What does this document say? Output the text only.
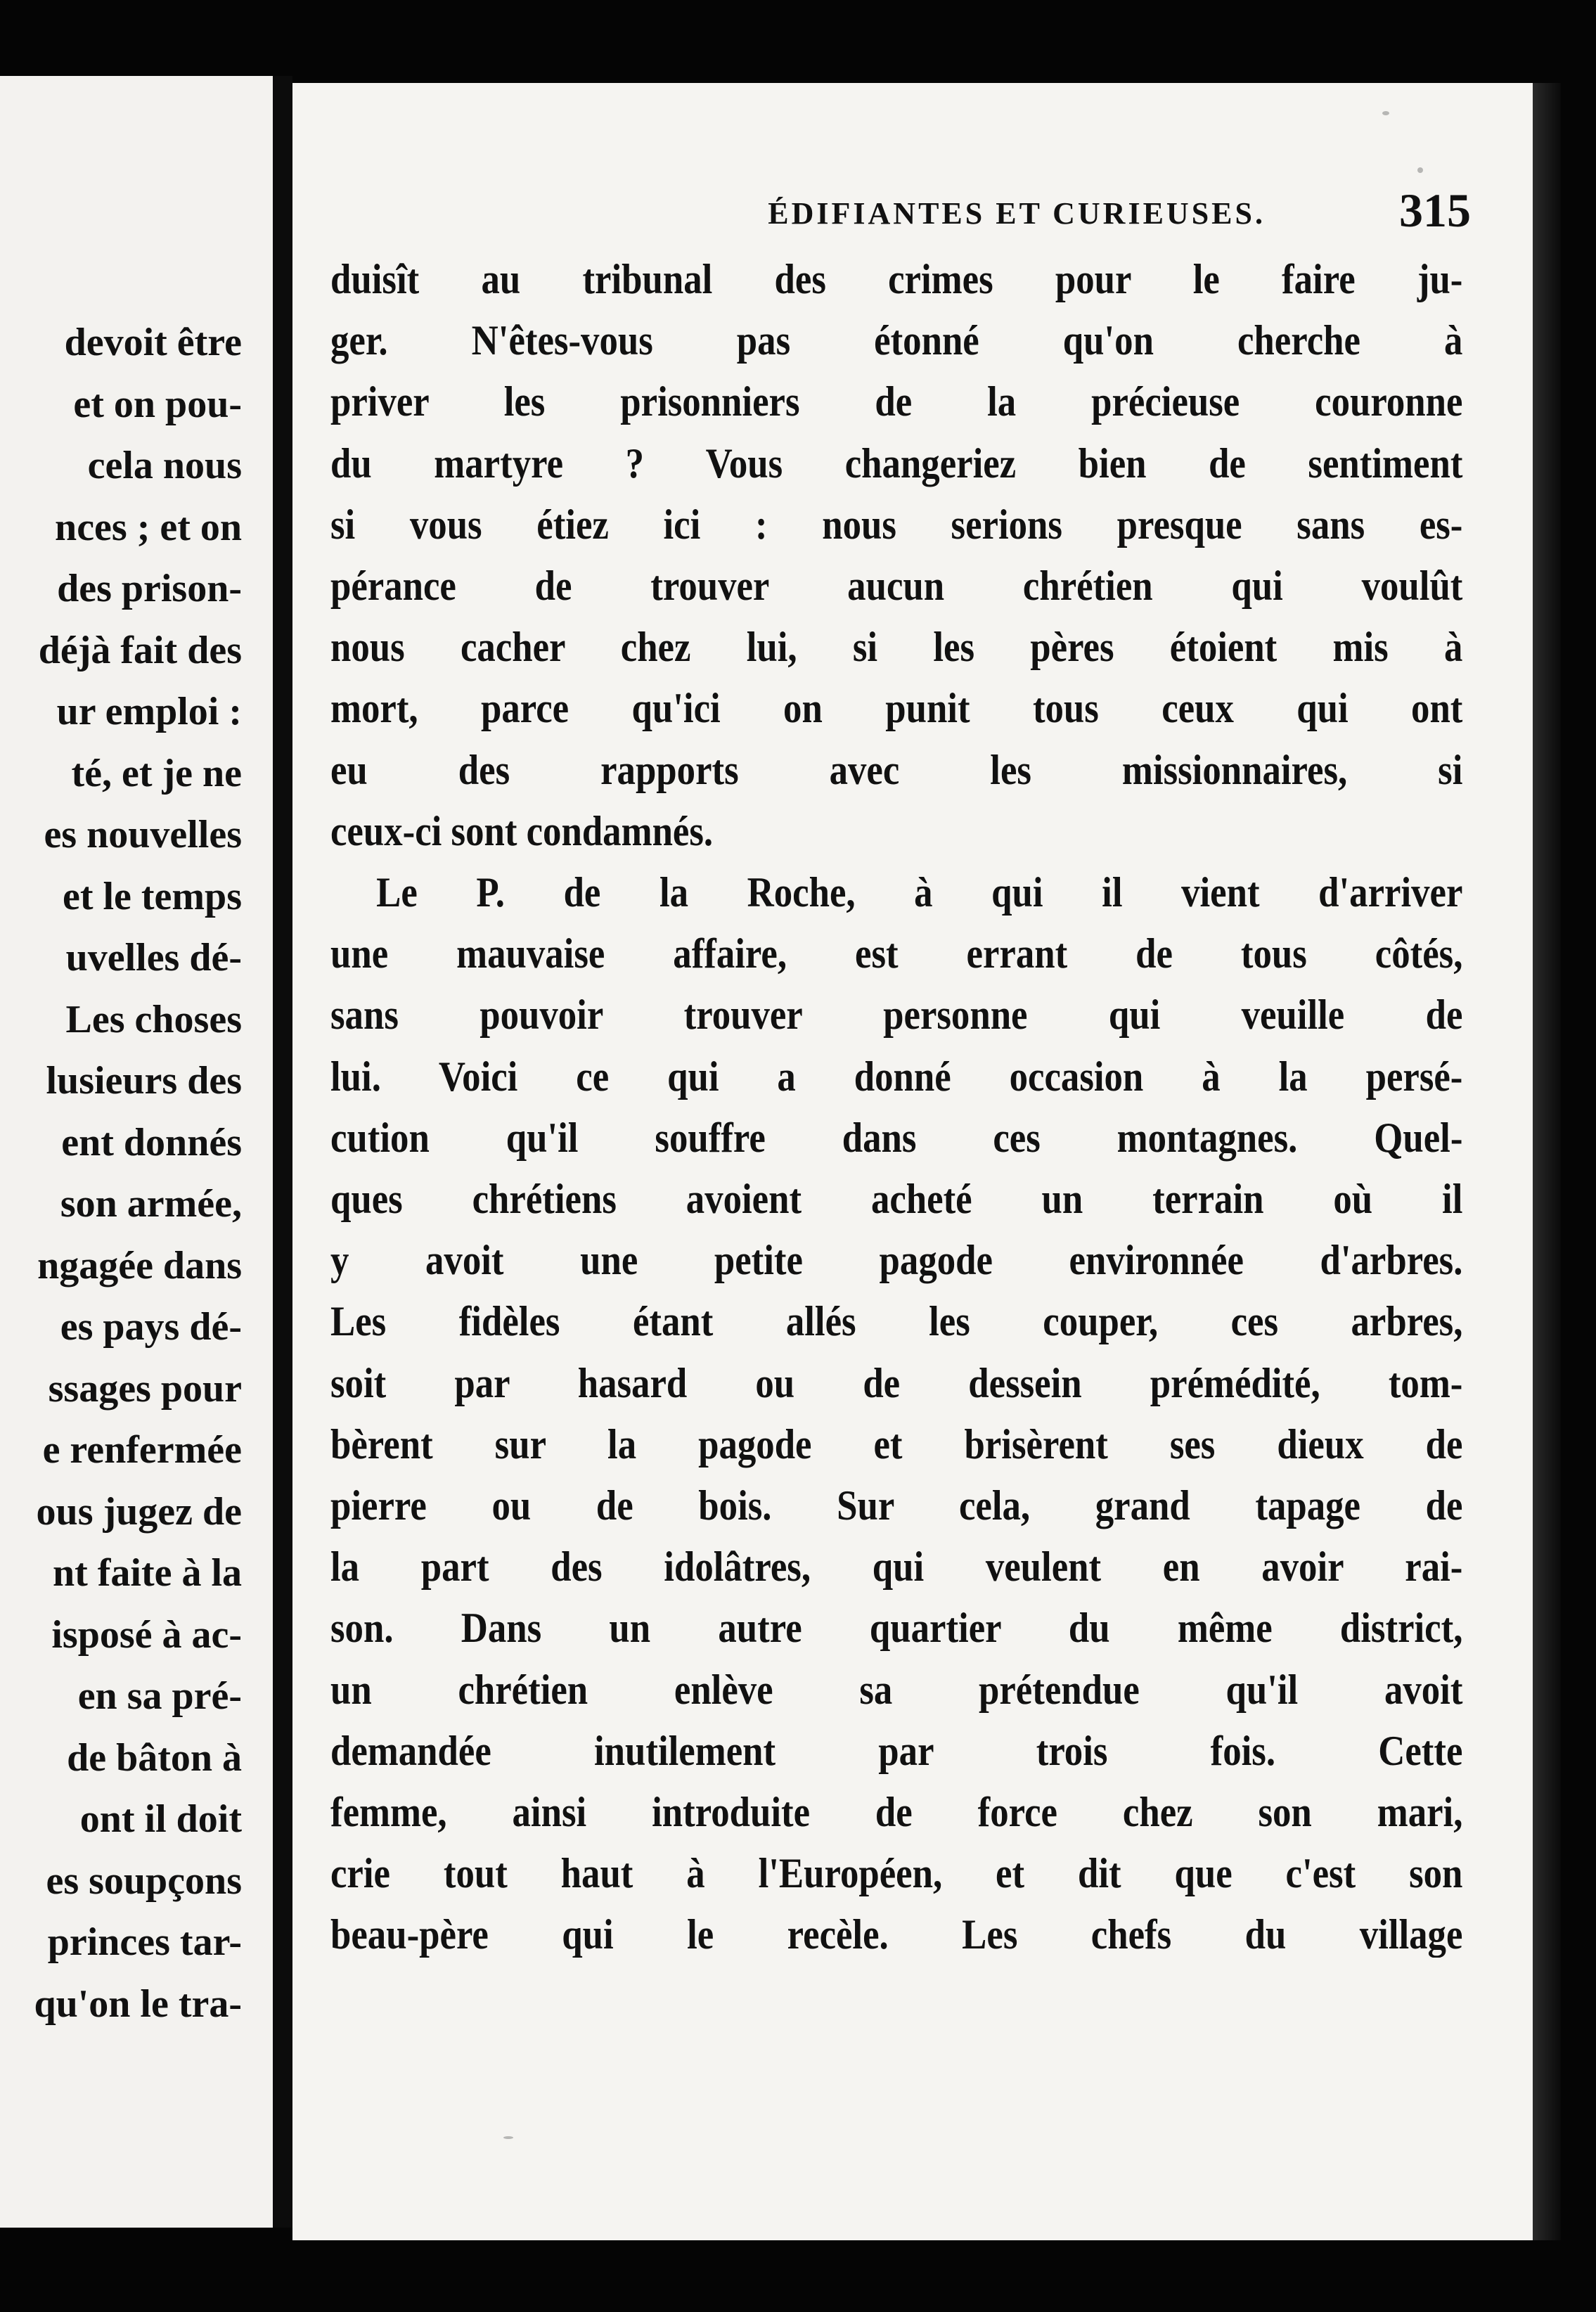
devoit être
et on pou-
cela nous
nces ; et on
des prison-
déjà fait des
ur emploi :
té, et je ne
es nouvelles
et le temps
uvelles dé-
Les choses
lusieurs des
ent donnés
son armée,
ngagée dans
es pays dé-
ssages pour
e renfermée
ous jugez de
nt faite à la
isposé à ac-
en sa pré-
de bâton à
ont il doit
es soupçons
princes tar-
qu'on le tra-
ÉDIFIANTES ET CURIEUSES.	315
duisît au tribunal des crimes pour le faire ju-
ger. N'êtes-vous pas étonné qu'on cherche à
priver les prisonniers de la précieuse couronne
du martyre ? Vous changeriez bien de sentiment
si vous étiez ici : nous serions presque sans es-
pérance de trouver aucun chrétien qui voulût
nous cacher chez lui, si les pères étoient mis à
mort, parce qu'ici on punit tous ceux qui ont
eu des rapports avec les missionnaires, si
ceux-ci sont condamnés.
Le P. de la Roche, à qui il vient d'arriver
une mauvaise affaire, est errant de tous côtés,
sans pouvoir trouver personne qui veuille de
lui. Voici ce qui a donné occasion à la persé-
cution qu'il souffre dans ces montagnes. Quel-
ques chrétiens avoient acheté un terrain où il
y avoit une petite pagode environnée d'arbres.
Les fidèles étant allés les couper, ces arbres,
soit par hasard ou de dessein prémédité, tom-
bèrent sur la pagode et brisèrent ses dieux de
pierre ou de bois. Sur cela, grand tapage de
la part des idolâtres, qui veulent en avoir rai-
son. Dans un autre quartier du même district,
un chrétien enlève sa prétendue qu'il avoit
demandée inutilement par trois fois. Cette
femme, ainsi introduite de force chez son mari,
crie tout haut à l'Européen, et dit que c'est son
beau-père qui le recèle. Les chefs du village
